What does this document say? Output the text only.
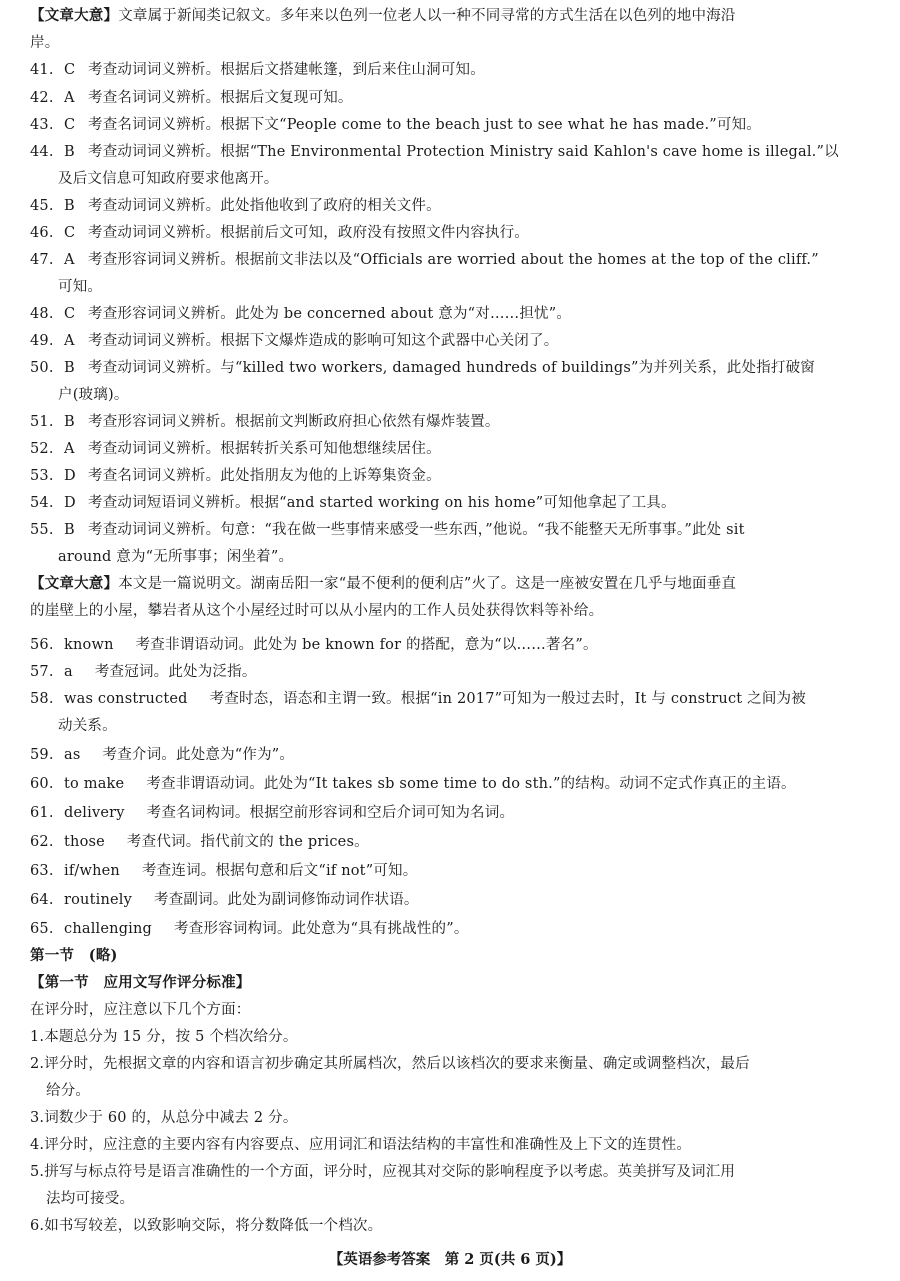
【文章大意】文章属于新闻类记叙文。多年来以色列一位老人以一种不同寻常的方式生活在以色列的地中海沿
岸。
41. C 考查动词词义辨析。根据后文搭建帐篷，到后来住山洞可知。
42. A 考查名词词义辨析。根据后文复现可知。
43. C 考查名词词义辨析。根据下文“People come to the beach just to see what he has made.”可知。
44. B 考查动词词义辨析。根据“The Environmental Protection Ministry said Kahlon's cave home is illegal.”以
及后文信息可知政府要求他离开。
45. B 考查动词词义辨析。此处指他收到了政府的相关文件。
46. C 考查动词词义辨析。根据前后文可知，政府没有按照文件内容执行。
47. A 考查形容词词义辨析。根据前文非法以及“Officials are worried about the homes at the top of the cliff.”
可知。
48. C 考查形容词词义辨析。此处为 be concerned about 意为“对……担忧”。
49. A 考查动词词义辨析。根据下文爆炸造成的影响可知这个武器中心关闭了。
50. B 考查动词词义辨析。与“killed two workers, damaged hundreds of buildings”为并列关系，此处指打破窗
户(玻璃)。
51. B 考查形容词词义辨析。根据前文判断政府担心依然有爆炸装置。
52. A 考查动词词义辨析。根据转折关系可知他想继续居住。
53. D 考查名词词义辨析。此处指朋友为他的上诉筹集资金。
54. D 考查动词短语词义辨析。根据“and started working on his home”可知他拿起了工具。
55. B 考查动词词义辨析。句意：“我在做一些事情来感受一些东西，”他说。“我不能整天无所事事。”此处 sit
around 意为“无所事事；闲坐着”。
【文章大意】本文是一篇说明文。湖南岳阳一家“最不便利的便利店”火了。这是一座被安置在几乎与地面垂直
的崖壁上的小屋，攀岩者从这个小屋经过时可以从小屋内的工作人员处获得饮料等补给。
56. known 考查非谓语动词。此处为 be known for 的搭配，意为“以……著名”。
57. a 考查冠词。此处为泛指。
58. was constructed 考查时态，语态和主谓一致。根据“in 2017”可知为一般过去时，It 与 construct 之间为被
动关系。
59. as 考查介词。此处意为“作为”。
60. to make 考查非谓语动词。此处为“It takes sb some time to do sth.”的结构。动词不定式作真正的主语。
61. delivery 考查名词构词。根据空前形容词和空后介词可知为名词。
62. those 考查代词。指代前文的 the prices。
63. if/when 考查连词。根据句意和后文“if not”可知。
64. routinely 考查副词。此处为副词修饰动词作状语。
65. challenging 考查形容词构词。此处意为“具有挑战性的”。
第一节　(略)
【第一节　应用文写作评分标准】
在评分时，应注意以下几个方面：
1.本题总分为 15 分，按 5 个档次给分。
2.评分时，先根据文章的内容和语言初步确定其所属档次，然后以该档次的要求来衡量、确定或调整档次，最后
给分。
3.词数少于 60 的，从总分中减去 2 分。
4.评分时，应注意的主要内容有内容要点、应用词汇和语法结构的丰富性和准确性及上下文的连贯性。
5.拼写与标点符号是语言准确性的一个方面，评分时，应视其对交际的影响程度予以考虑。英美拼写及词汇用
法均可接受。
6.如书写较差，以致影响交际，将分数降低一个档次。
【英语参考答案　第 2 页(共 6 页)】
